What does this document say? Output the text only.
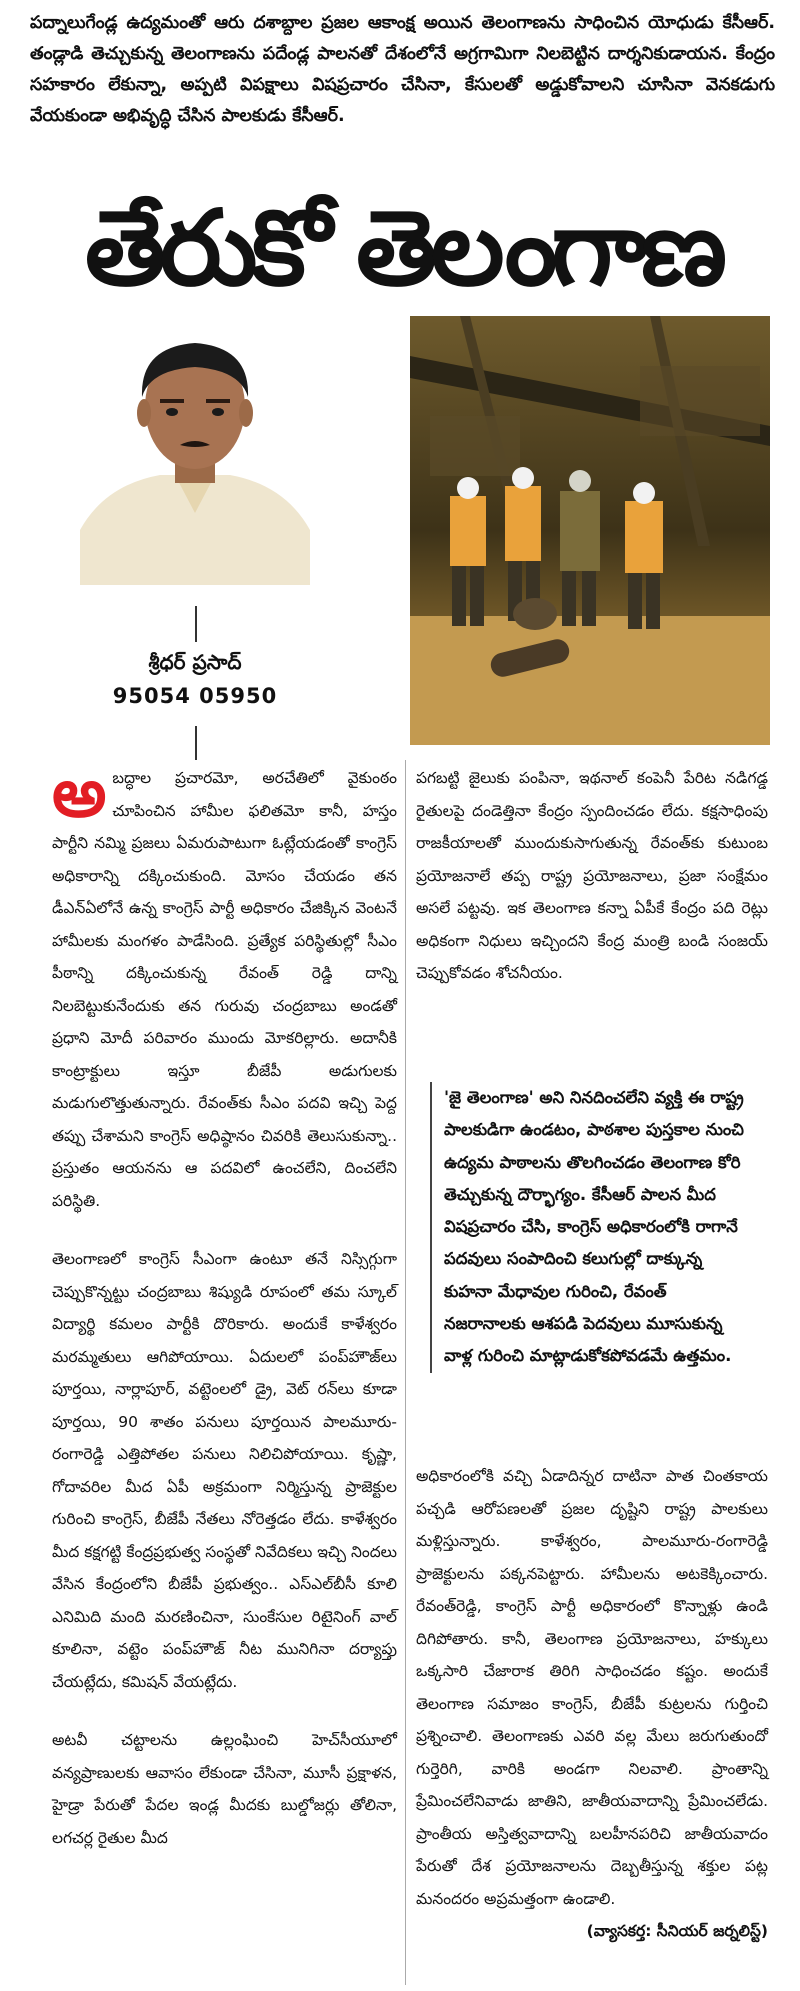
పద్నాలుగేండ్ల ఉద్యమంతో ఆరు దశాబ్దాల ప్రజల ఆకాంక్ష అయిన తెలంగాణను సాధించిన యోధుడు కేసీఆర్. తండ్లాడి తెచ్చుకున్న తెలంగాణను పదేండ్ల పాలనతో దేశంలోనే అగ్రగామిగా నిలబెట్టిన దార్శనికుడాయన. కేంద్రం సహకారం లేకున్నా, అప్పటి విపక్షాలు విషప్రచారం చేసినా, కేసులతో అడ్డుకోవాలని చూసినా వెనకడుగు వేయకుండా అభివృద్ధి చేసిన పాలకుడు కేసీఆర్.
తేరుకో తెలంగాణ
శ్రీధర్ ప్రసాద్
95054 05950

అబద్ధాల ప్రచారమో, అరచేతిలో వైకుంఠం చూపించిన హామీల ఫలితమో కానీ, హస్తం పార్టీని నమ్మి ప్రజలు ఏమరుపాటుగా ఓట్లేయడంతో కాంగ్రెస్ అధికారాన్ని దక్కించుకుంది. మోసం చేయడం తన డీఎన్ఏలోనే ఉన్న కాంగ్రెస్ పార్టీ అధికారం చేజిక్కిన వెంటనే హామీలకు మంగళం పాడేసింది. ప్రత్యేక పరిస్థితుల్లో సీఎం పీఠాన్ని దక్కించుకున్న రేవంత్ రెడ్డి దాన్ని నిలబెట్టుకునేందుకు తన గురువు చంద్రబాబు అండతో ప్రధాని మోదీ పరివారం ముందు మోకరిల్లారు. అదానీకి కాంట్రాక్టులు ఇస్తూ బీజేపీ అడుగులకు మడుగులొత్తుతున్నారు. రేవంత్‌కు సీఎం పదవి ఇచ్చి పెద్ద తప్పు చేశామని కాంగ్రెస్ అధిష్ఠానం చివరికి తెలుసుకున్నా.. ప్రస్తుతం ఆయనను ఆ పదవిలో ఉంచలేని, దించలేని పరిస్థితి.

తెలంగాణలో కాంగ్రెస్ సీఎంగా ఉంటూ తనే నిస్సిగ్గుగా చెప్పుకొన్నట్టు చంద్రబాబు శిష్యుడి రూపంలో తమ స్కూల్ విద్యార్థి కమలం పార్టీకి దొరికారు. అందుకే కాళేశ్వరం మరమ్మతులు ఆగిపోయాయి. ఏదులలో పంప్‌హౌజ్‌లు పూర్తయి, నార్లాపూర్, వట్టెంలలో డ్రై, వెట్ రన్‌లు కూడా పూర్తయి, 90 శాతం పనులు పూర్తయిన పాలమూరు- రంగారెడ్డి ఎత్తిపోతల పనులు నిలిచిపోయాయి. కృష్ణా, గోదావరిల మీద ఏపీ అక్రమంగా నిర్మిస్తున్న ప్రాజెక్టుల గురించి కాంగ్రెస్, బీజేపీ నేతలు నోరెత్తడం లేదు. కాళేశ్వరం మీద కక్షగట్టి కేంద్రప్రభుత్వ సంస్థతో నివేదికలు ఇచ్చి నిందలు వేసిన కేంద్రంలోని బీజేపీ ప్రభుత్వం.. ఎస్ఎల్‌బీసీ కూలి ఎనిమిది మంది మరణించినా, సుంకేసుల రిటైనింగ్ వాల్ కూలినా, వట్టెం పంప్‌హౌజ్ నీట మునిగినా దర్యాప్తు చేయట్లేదు, కమిషన్ వేయట్లేదు.

అటవీ చట్టాలను ఉల్లంఘించి హెచ్‌సీయూలో వన్యప్రాణులకు ఆవాసం లేకుండా చేసినా, మూసీ ప్రక్షాళన, హైడ్రా పేరుతో పేదల ఇండ్ల మీదకు బుల్డోజర్లు తోలినా, లగచర్ల రైతుల మీద

పగబట్టి జైలుకు పంపినా, ఇథనాల్ కంపెనీ పేరిట నడిగడ్డ రైతులపై దండెత్తినా కేంద్రం స్పందించడం లేదు. కక్షసాధింపు రాజకీయాలతో ముందుకుసాగుతున్న రేవంత్‌కు కుటుంబ ప్రయోజనాలే తప్ప రాష్ట్ర ప్రయోజనాలు, ప్రజా సంక్షేమం అసలే పట్టవు. ఇక తెలంగాణ కన్నా ఏపీకే కేంద్రం పది రెట్లు అధికంగా నిధులు ఇచ్చిందని కేంద్ర మంత్రి బండి సంజయ్ చెప్పుకోవడం శోచనీయం.

'జై తెలంగాణ' అని నినదించలేని వ్యక్తి ఈ రాష్ట్ర పాలకుడిగా ఉండటం, పాఠశాల పుస్తకాల నుంచి ఉద్యమ పాఠాలను తొలగించడం తెలంగాణ కోరి తెచ్చుకున్న దౌర్భాగ్యం. కేసీఆర్ పాలన మీద విషప్రచారం చేసి, కాంగ్రెస్ అధికారంలోకి రాగానే పదవులు సంపాదించి కలుగుల్లో దాక్కున్న కుహనా మేధావుల గురించి, రేవంత్ నజరానాలకు ఆశపడి పెదవులు మూసుకున్న వాళ్ల గురించి మాట్లాడుకోకపోవడమే ఉత్తమం.

అధికారంలోకి వచ్చి ఏడాదిన్నర దాటినా పాత చింతకాయ పచ్చడి ఆరోపణలతో ప్రజల దృష్టిని రాష్ట్ర పాలకులు మళ్లిస్తున్నారు. కాళేశ్వరం, పాలమూరు-రంగారెడ్డి ప్రాజెక్టులను పక్కనపెట్టారు. హామీలను అటకెక్కించారు. రేవంత్‌రెడ్డి, కాంగ్రెస్ పార్టీ అధికారంలో కొన్నాళ్లు ఉండి దిగిపోతారు. కానీ, తెలంగాణ ప్రయోజనాలు, హక్కులు ఒక్కసారి చేజారాక తిరిగి సాధించడం కష్టం. అందుకే తెలంగాణ సమాజం కాంగ్రెస్, బీజేపీ కుట్రలను గుర్తించి ప్రశ్నించాలి. తెలంగాణకు ఎవరి వల్ల మేలు జరుగుతుందో గుర్తెరిగి, వారికి అండగా నిలవాలి. ప్రాంతాన్ని ప్రేమించలేనివాడు జాతిని, జాతీయవాదాన్ని ప్రేమించలేడు. ప్రాంతీయ అస్తిత్వవాదాన్ని బలహీనపరిచి జాతీయవాదం పేరుతో దేశ ప్రయోజనాలను దెబ్బతీస్తున్న శక్తుల పట్ల మనందరం అప్రమత్తంగా ఉండాలి.

(వ్యాసకర్త: సీనియర్ జర్నలిస్ట్)
